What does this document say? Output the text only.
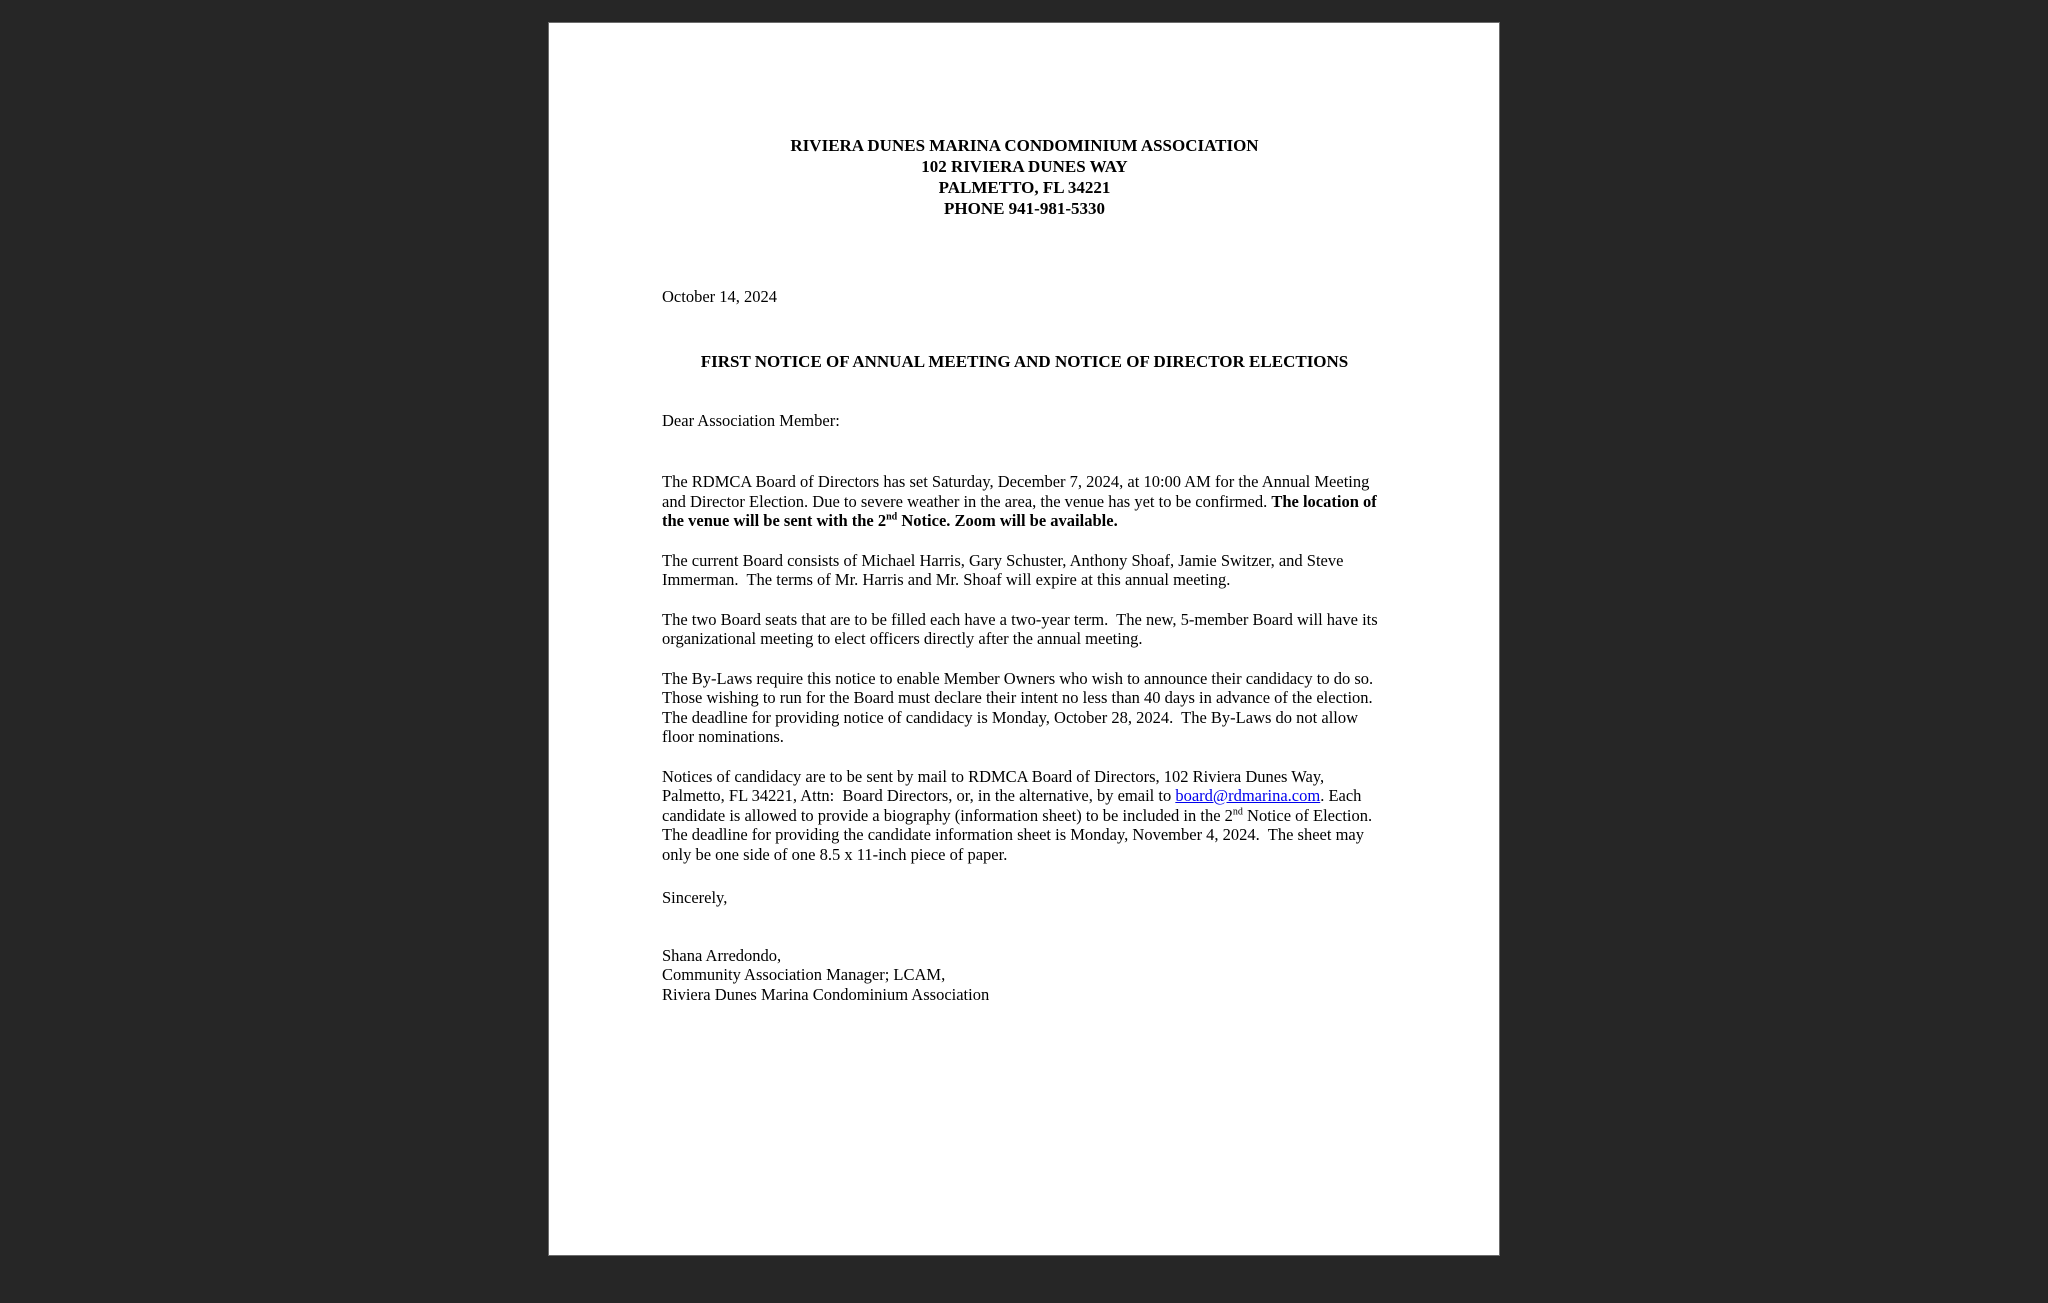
RIVIERA DUNES MARINA CONDOMINIUM ASSOCIATION
102 RIVIERA DUNES WAY
PALMETTO, FL 34221
PHONE 941-981-5330
October 14, 2024
FIRST NOTICE OF ANNUAL MEETING AND NOTICE OF DIRECTOR ELECTIONS
Dear Association Member:

The RDMCA Board of Directors has set Saturday, December 7, 2024, at 10:00 AM for the Annual Meeting and Director Election. Due to severe weather in the area, the venue has yet to be confirmed. The location of the venue will be sent with the 2nd Notice. Zoom will be available.

The current Board consists of Michael Harris, Gary Schuster, Anthony Shoaf, Jamie Switzer, and Steve Immerman.  The terms of Mr. Harris and Mr. Shoaf will expire at this annual meeting.

The two Board seats that are to be filled each have a two-year term.  The new, 5-member Board will have its organizational meeting to elect officers directly after the annual meeting.

The By-Laws require this notice to enable Member Owners who wish to announce their candidacy to do so.  Those wishing to run for the Board must declare their intent no less than 40 days in advance of the election.  The deadline for providing notice of candidacy is Monday, October 28, 2024.  The By-Laws do not allow floor nominations.

Notices of candidacy are to be sent by mail to RDMCA Board of Directors, 102 Riviera Dunes Way, Palmetto, FL 34221, Attn:  Board Directors, or, in the alternative, by email to board@rdmarina.com. Each candidate is allowed to provide a biography (information sheet) to be included in the 2nd Notice of Election.  The deadline for providing the candidate information sheet is Monday, November 4, 2024.  The sheet may only be one side of one 8.5 x 11-inch piece of paper.

Sincerely,
Shana Arredondo,
Community Association Manager; LCAM,
Riviera Dunes Marina Condominium Association
